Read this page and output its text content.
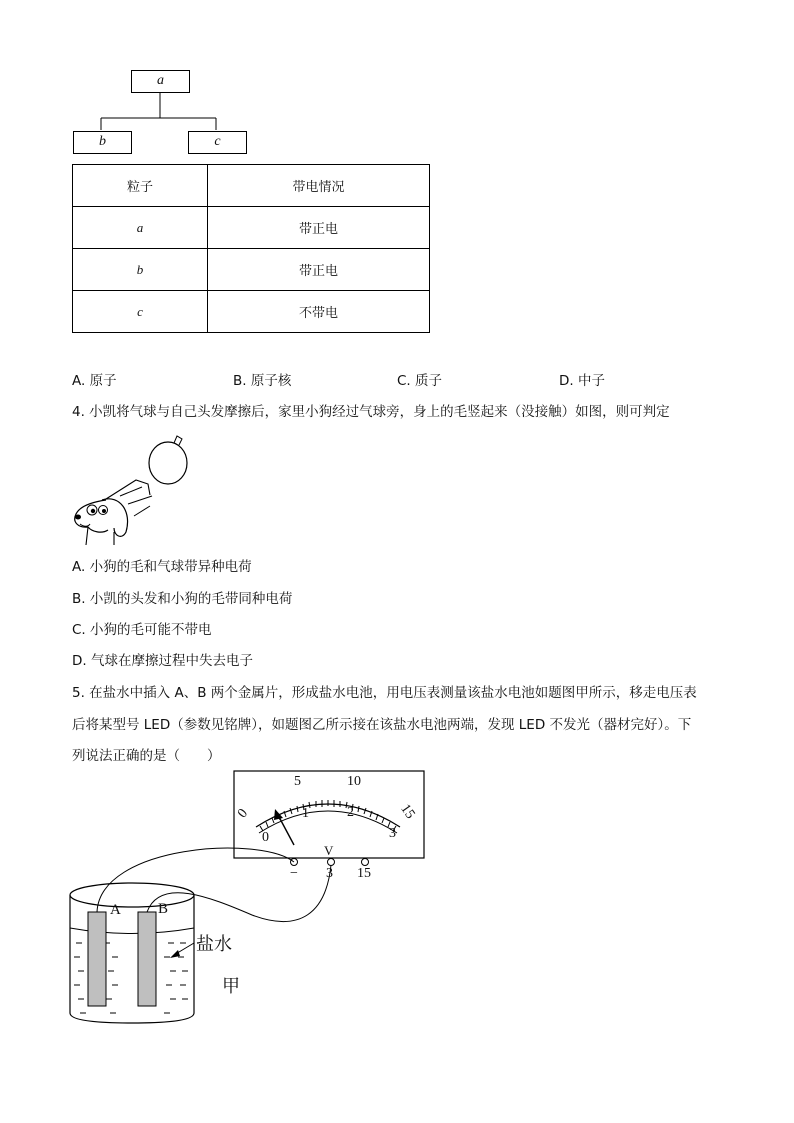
a
b	c
粒子	带电情况
a	带正电
b	带正电
c	不带电
A. 原子	B. 原子核	C. 质子	D. 中子
4. 小凯将气球与自己头发摩擦后，家里小狗经过气球旁，身上的毛竖起来（没接触）如图，则可判定
A. 小狗的毛和气球带异种电荷
B. 小凯的头发和小狗的毛带同种电荷
C. 小狗的毛可能不带电
D. 气球在摩擦过程中失去电子
5. 在盐水中插入 A、B 两个金属片，形成盐水电池，用电压表测量该盐水电池如题图甲所示，移走电压表
后将某型号 LED（参数见铭牌），如题图乙所示接在该盐水电池两端，发现 LED 不发光（器材完好）。下
列说法正确的是（　　）
5	10
0	15
0
1	2
3
V
− 3 15
A B
盐水
甲
